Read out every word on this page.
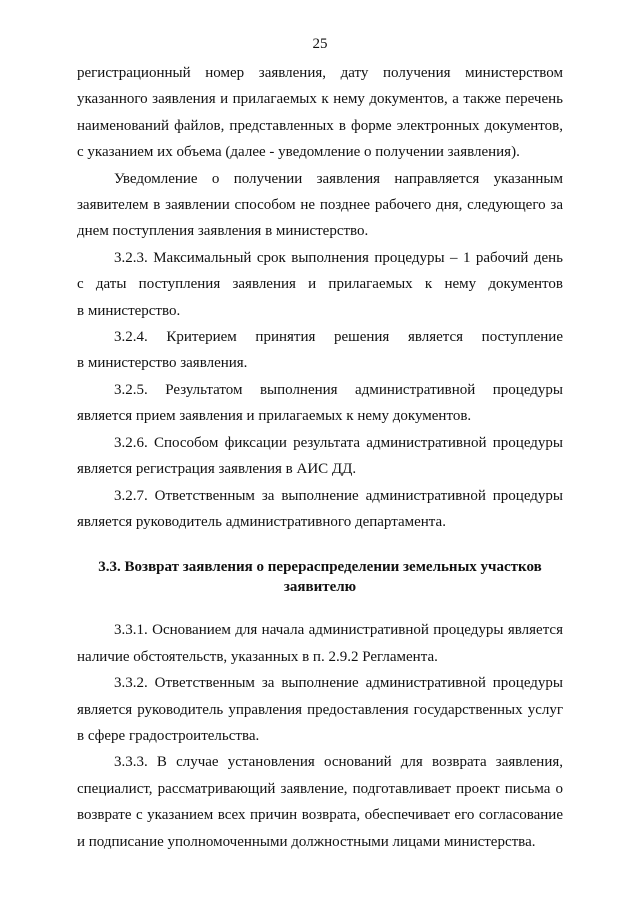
25
регистрационный номер заявления, дату получения министерством
указанного заявления и прилагаемых к нему документов, а также перечень
наименований файлов, представленных в форме электронных документов,
с указанием их объема (далее - уведомление о получении заявления).
Уведомление о получении заявления направляется указанным
заявителем в заявлении способом не позднее рабочего дня, следующего за
днем поступления заявления в министерство.
3.2.3. Максимальный срок выполнения процедуры – 1 рабочий день
с даты поступления заявления и прилагаемых к нему документов
в министерство.
3.2.4. Критерием принятия решения является поступление
в министерство заявления.
3.2.5. Результатом выполнения административной процедуры
является прием заявления и прилагаемых к нему документов.
3.2.6. Способом фиксации результата административной процедуры
является регистрация заявления в АИС ДД.
3.2.7. Ответственным за выполнение административной процедуры
является руководитель административного департамента.
3.3. Возврат заявления о перераспределении земельных участков
заявителю
3.3.1. Основанием для начала административной процедуры является
наличие обстоятельств, указанных в п. 2.9.2 Регламента.
3.3.2. Ответственным за выполнение административной процедуры
является руководитель управления предоставления государственных услуг
в сфере градостроительства.
3.3.3. В случае установления оснований для возврата заявления,
специалист, рассматривающий заявление, подготавливает проект письма о
возврате с указанием всех причин возврата, обеспечивает его согласование
и подписание уполномоченными должностными лицами министерства.
